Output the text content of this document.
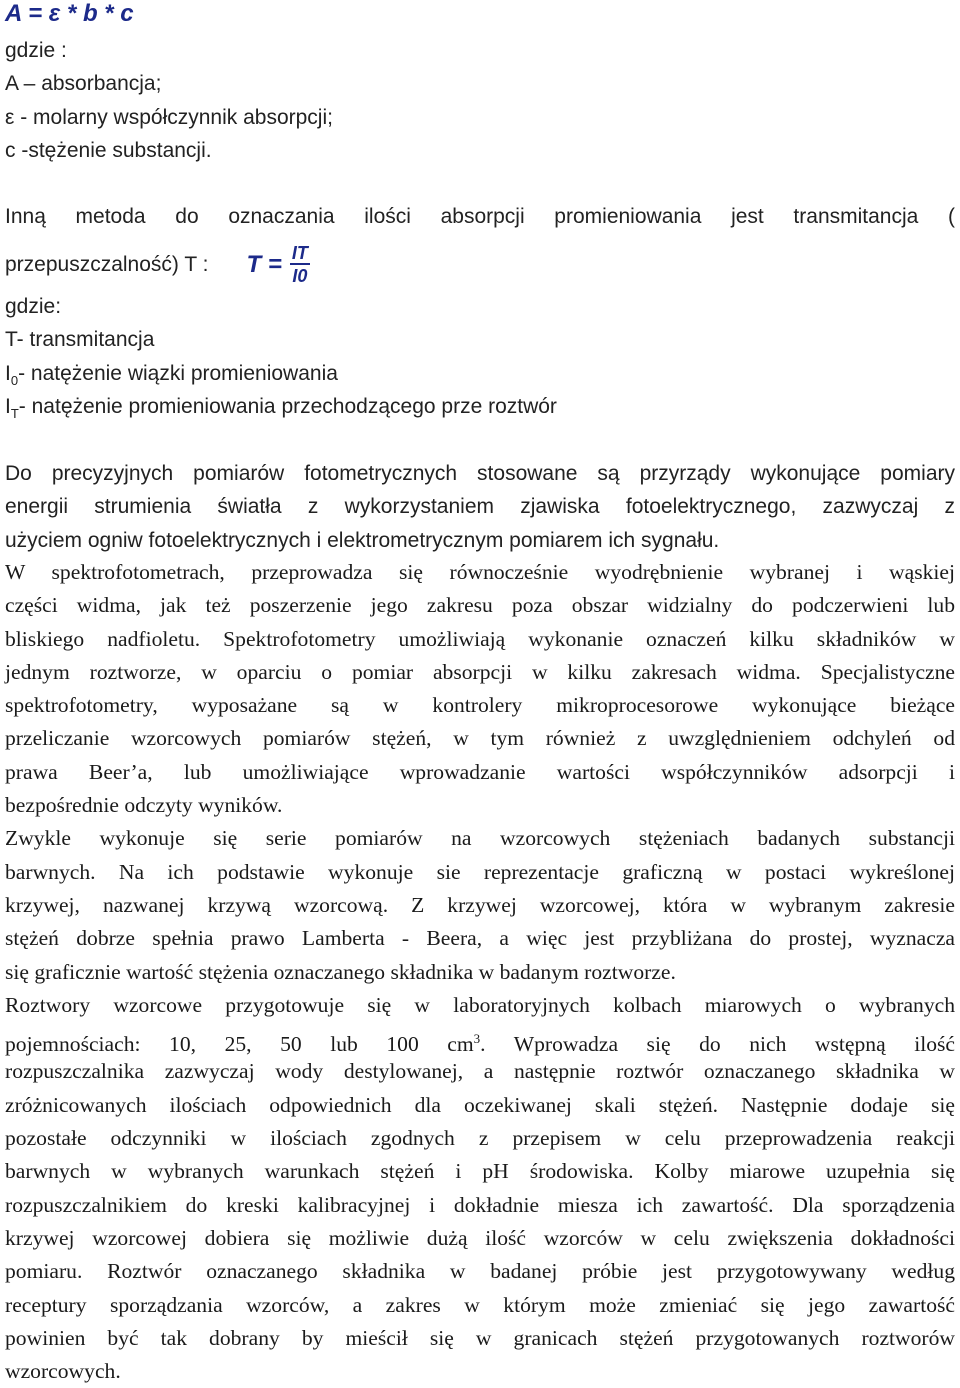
A = ε * b * c
gdzie :
A – absorbancja;
ε - molarny współczynnik absorpcji;
c -stężenie substancji.
Inną metoda do oznaczania ilości absorpcji promieniowania jest transmitancja (
przepuszczalność) T : $T = \frac{IT}{I0}$
gdzie:
T- transmitancja
$I_0-$ natężenie wiązki promieniowania
$I_T-$ natężenie promieniowania przechodzącego prze roztwór
Do precyzyjnych pomiarów fotometrycznych stosowane są przyrządy wykonujące pomiary
energii strumienia światła z wykorzystaniem zjawiska fotoelektrycznego, zazwyczaj z
użyciem ogniw fotoelektrycznych i elektrometrycznym pomiarem ich sygnału.
W spektrofotometrach, przeprowadza się równocześnie wyodrębnienie wybranej i wąskiej
części widma, jak też poszerzenie jego zakresu poza obszar widzialny do podczerwieni lub
bliskiego nadfioletu. Spektrofotometry umożliwiają wykonanie oznaczeń kilku składników w
jednym roztworze, w oparciu o pomiar absorpcji w kilku zakresach widma. Specjalistyczne
spektrofotometry, wyposażane są w kontrolery mikroprocesorowe wykonujące bieżące
przeliczanie wzorcowych pomiarów stężeń, w tym również z uwzględnieniem odchyleń od
prawa Beer’a, lub umożliwiające wprowadzanie wartości współczynników adsorpcji i
bezpośrednie odczyty wyników.
Zwykle wykonuje się serie pomiarów na wzorcowych stężeniach badanych substancji
barwnych. Na ich podstawie wykonuje sie reprezentacje graficzną w postaci wykreślonej
krzywej, nazwanej krzywą wzorcową. Z krzywej wzorcowej, która w wybranym zakresie
stężeń dobrze spełnia prawo Lamberta - Beera, a więc jest przybliżana do prostej, wyznacza
się graficznie wartość stężenia oznaczanego składnika w badanym roztworze.
Roztwory wzorcowe przygotowuje się w laboratoryjnych kolbach miarowych o wybranych
pojemnościach: 10, 25, 50 lub 100 $cm^3$. Wprowadza się do nich wstępną ilość
rozpuszczalnika zazwyczaj wody destylowanej, a następnie roztwór oznaczanego składnika w
zróżnicowanych ilościach odpowiednich dla oczekiwanej skali stężeń. Następnie dodaje się
pozostałe odczynniki w ilościach zgodnych z przepisem w celu przeprowadzenia reakcji
barwnych w wybranych warunkach stężeń i pH środowiska. Kolby miarowe uzupełnia się
rozpuszczalnikiem do kreski kalibracyjnej i dokładnie miesza ich zawartość. Dla sporządzenia
krzywej wzorcowej dobiera się możliwie dużą ilość wzorców w celu zwiększenia dokładności
pomiaru. Roztwór oznaczanego składnika w badanej próbie jest przygotowywany według
receptury sporządzania wzorców, a zakres w którym może zmieniać się jego zawartość
powinien być tak dobrany by mieścił się w granicach stężeń przygotowanych roztworów
wzorcowych.
